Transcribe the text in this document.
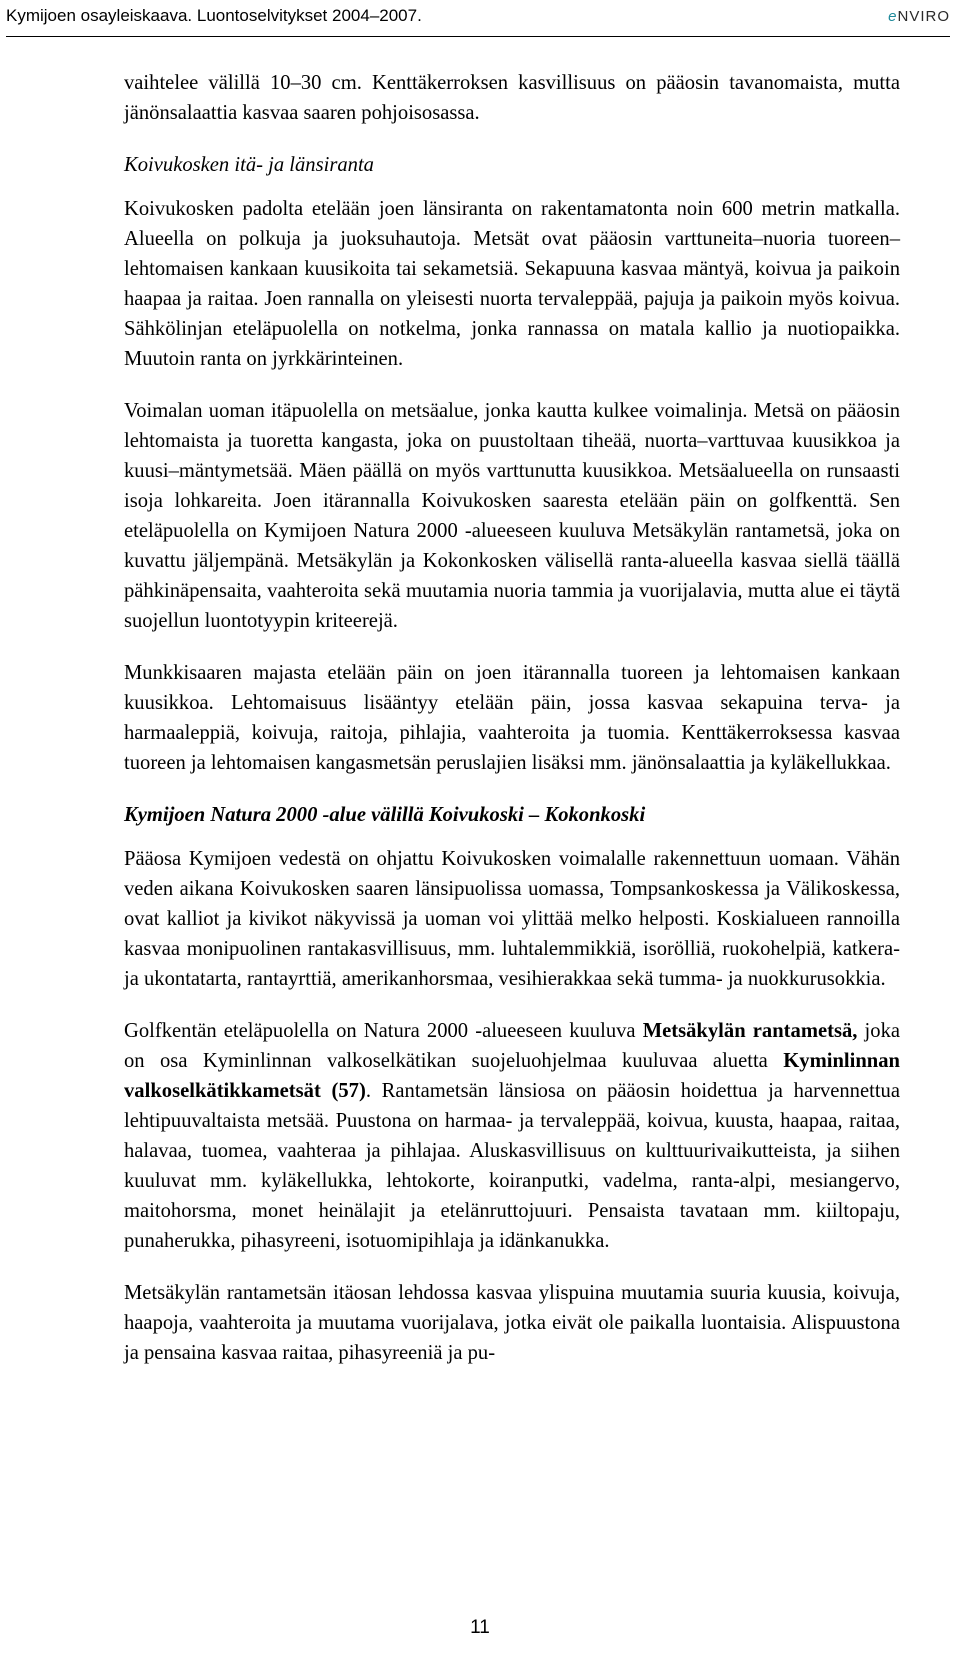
Kymijoen osayleiskaava. Luontoselvitykset 2004–2007.	eNVIRO

vaihtelee välillä 10–30 cm. Kenttäkerroksen kasvillisuus on pääosin tavanomaista, mutta jänönsalaattia kasvaa saaren pohjoisosassa.

Koivukosken itä- ja länsiranta

Koivukosken padolta etelään joen länsiranta on rakentamatonta noin 600 metrin matkalla. Alueella on polkuja ja juoksuhautoja. Metsät ovat pääosin varttuneita–nuoria tuoreen–lehtomaisen kankaan kuusikoita tai sekametsiä. Sekapuuna kasvaa mäntyä, koivua ja paikoin haapaa ja raitaa. Joen rannalla on yleisesti nuorta tervaleppää, pajuja ja paikoin myös koivua. Sähkölinjan eteläpuolella on notkelma, jonka rannassa on matala kallio ja nuotiopaikka. Muutoin ranta on jyrkkärinteinen.

Voimalan uoman itäpuolella on metsäalue, jonka kautta kulkee voimalinja. Metsä on pääosin lehtomaista ja tuoretta kangasta, joka on puustoltaan tiheää, nuorta–varttuvaa kuusikkoa ja kuusi–mäntymetsää. Mäen päällä on myös varttunutta kuusikkoa. Metsäalueella on runsaasti isoja lohkareita. Joen itärannalla Koivukosken saaresta etelään päin on golfkenttä. Sen eteläpuolella on Kymijoen Natura 2000 -alueeseen kuuluva Metsäkylän rantametsä, joka on kuvattu jäljempänä. Metsäkylän ja Kokonkosken välisellä ranta-alueella kasvaa siellä täällä pähkinäpensaita, vaahteroita sekä muutamia nuoria tammia ja vuorijalavia, mutta alue ei täytä suojellun luontotyypin kriteerejä.

Munkkisaaren majasta etelään päin on joen itärannalla tuoreen ja lehtomaisen kankaan kuusikkoa. Lehtomaisuus lisääntyy etelään päin, jossa kasvaa sekapuina terva- ja harmaaleppiä, koivuja, raitoja, pihlajia, vaahteroita ja tuomia. Kenttäkerroksessa kasvaa tuoreen ja lehtomaisen kangasmetsän peruslajien lisäksi mm. jänönsalaattia ja kyläkellukkaa.

Kymijoen Natura 2000 -alue välillä Koivukoski – Kokonkoski

Pääosa Kymijoen vedestä on ohjattu Koivukosken voimalalle rakennettuun uomaan. Vähän veden aikana Koivukosken saaren länsipuolissa uomassa, Tompsankoskessa ja Välikoskessa, ovat kalliot ja kivikot näkyvissä ja uoman voi ylittää melko helposti. Koskialueen rannoilla kasvaa monipuolinen rantakasvillisuus, mm. luhtalemmikkiä, isorölliä, ruokohelpiä, katkera- ja ukontatarta, rantayrttiä, amerikanhorsmaa, vesihierakkaa sekä tumma- ja nuokkurusokkia.

Golfkentän eteläpuolella on Natura 2000 -alueeseen kuuluva Metsäkylän rantametsä, joka on osa Kyminlinnan valkoselkätikan suojeluohjelmaa kuuluvaa aluetta Kyminlinnan valkoselkätikkametsät (57). Rantametsän länsiosa on pääosin hoidettua ja harvennettua lehtipuuvaltaista metsää. Puustona on harmaa- ja tervaleppää, koivua, kuusta, haapaa, raitaa, halavaa, tuomea, vaahteraa ja pihlajaa. Aluskasvillisuus on kulttuurivaikutteista, ja siihen kuuluvat mm. kyläkellukka, lehtokorte, koiranputki, vadelma, ranta-alpi, mesiangervo, maitohorsma, monet heinälajit ja etelänruttojuuri. Pensaista tavataan mm. kiiltopaju, punaherukka, pihasyreeni, isotuomipihlaja ja idänkanukka.

Metsäkylän rantametsän itäosan lehdossa kasvaa ylispuina muutamia suuria kuusia, koivuja, haapoja, vaahteroita ja muutama vuorijalava, jotka eivät ole paikalla luontaisia. Alispuustona ja pensaina kasvaa raitaa, pihasyreeniä ja pu-

11
